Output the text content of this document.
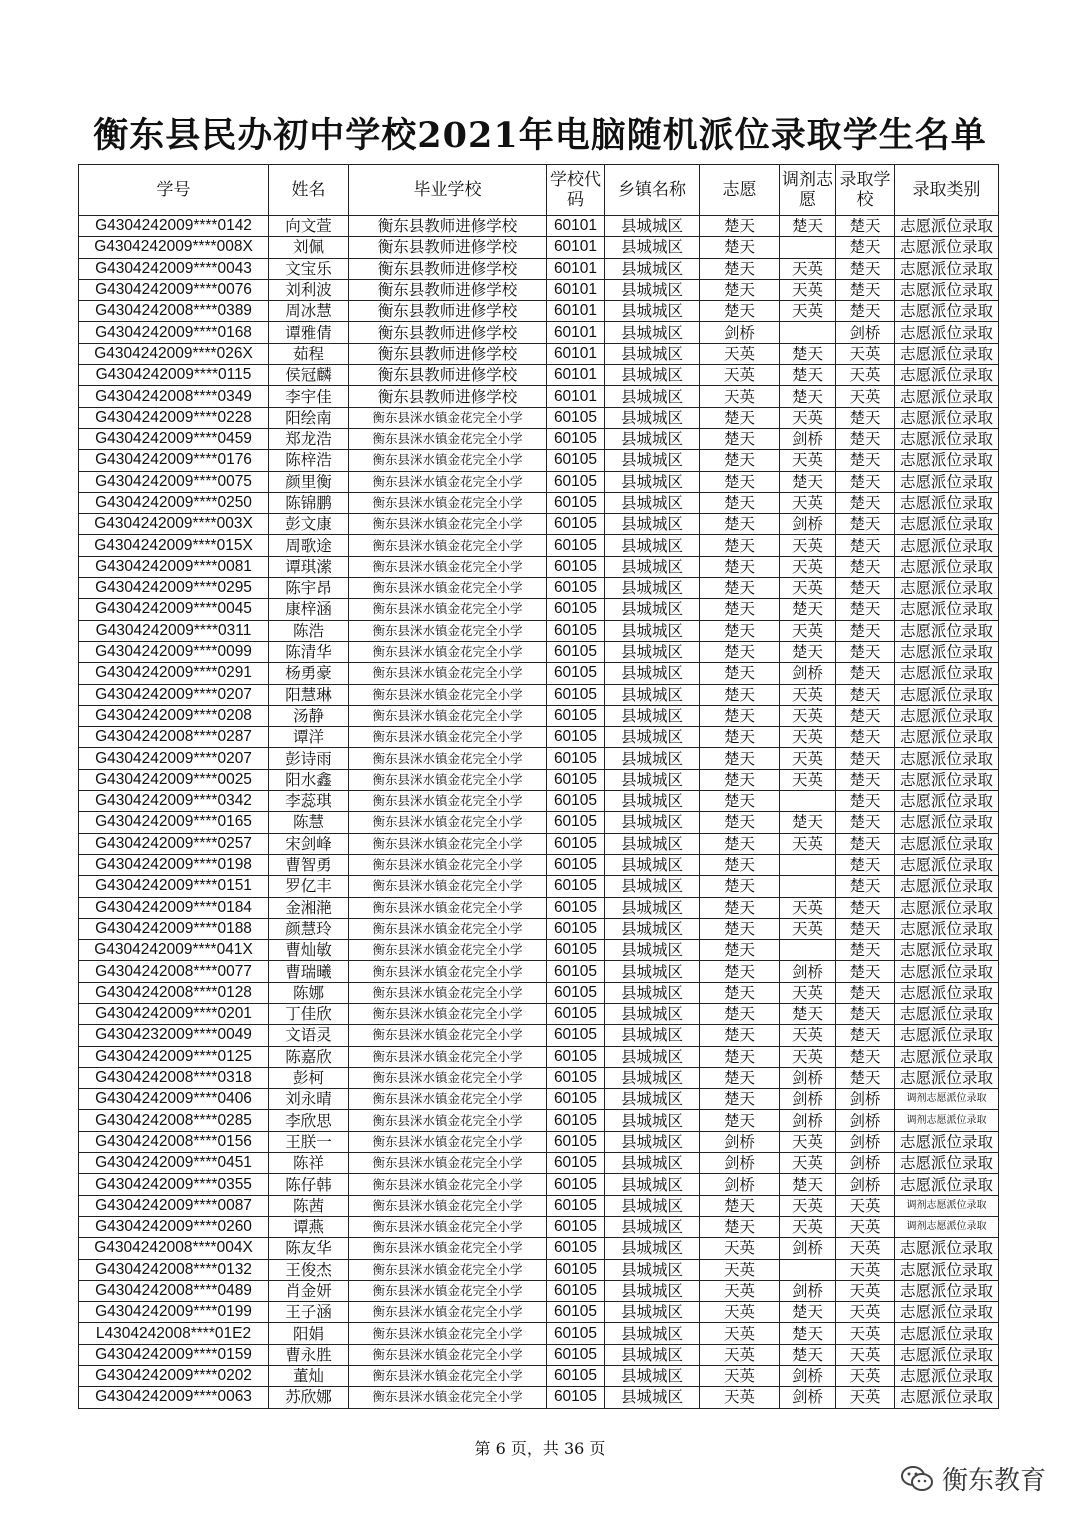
衡东县民办初中学校2021年电脑随机派位录取学生名单
学号	姓名	毕业学校	学校代码	乡镇名称	志愿	调剂志愿	录取学校	录取类别
G4304242009****0142	向文萱	衡东县教师进修学校	60101	县城城区	楚天	楚天	楚天	志愿派位录取
G4304242009****008X	刘佩	衡东县教师进修学校	60101	县城城区	楚天		楚天	志愿派位录取
G4304242009****0043	文宝乐	衡东县教师进修学校	60101	县城城区	楚天	天英	楚天	志愿派位录取
G4304242009****0076	刘利波	衡东县教师进修学校	60101	县城城区	楚天	天英	楚天	志愿派位录取
G4304242008****0389	周冰慧	衡东县教师进修学校	60101	县城城区	楚天	天英	楚天	志愿派位录取
G4304242009****0168	谭雅倩	衡东县教师进修学校	60101	县城城区	剑桥		剑桥	志愿派位录取
G4304242009****026X	茹程	衡东县教师进修学校	60101	县城城区	天英	楚天	天英	志愿派位录取
G4304242009****0115	侯冠麟	衡东县教师进修学校	60101	县城城区	天英	楚天	天英	志愿派位录取
G4304242008****0349	李宇佳	衡东县教师进修学校	60101	县城城区	天英	楚天	天英	志愿派位录取
G4304242009****0228	阳绘南	衡东县洣水镇金花完全小学	60105	县城城区	楚天	天英	楚天	志愿派位录取
G4304242009****0459	郑龙浩	衡东县洣水镇金花完全小学	60105	县城城区	楚天	剑桥	楚天	志愿派位录取
G4304242009****0176	陈梓浩	衡东县洣水镇金花完全小学	60105	县城城区	楚天	天英	楚天	志愿派位录取
G4304242009****0075	颜里衡	衡东县洣水镇金花完全小学	60105	县城城区	楚天	楚天	楚天	志愿派位录取
G4304242009****0250	陈锦鹏	衡东县洣水镇金花完全小学	60105	县城城区	楚天	天英	楚天	志愿派位录取
G4304242009****003X	彭文康	衡东县洣水镇金花完全小学	60105	县城城区	楚天	剑桥	楚天	志愿派位录取
G4304242009****015X	周歌途	衡东县洣水镇金花完全小学	60105	县城城区	楚天	天英	楚天	志愿派位录取
G4304242009****0081	谭琪潆	衡东县洣水镇金花完全小学	60105	县城城区	楚天	天英	楚天	志愿派位录取
G4304242009****0295	陈宇昂	衡东县洣水镇金花完全小学	60105	县城城区	楚天	天英	楚天	志愿派位录取
G4304242009****0045	康梓涵	衡东县洣水镇金花完全小学	60105	县城城区	楚天	楚天	楚天	志愿派位录取
G4304242009****0311	陈浩	衡东县洣水镇金花完全小学	60105	县城城区	楚天	天英	楚天	志愿派位录取
G4304242009****0099	陈清华	衡东县洣水镇金花完全小学	60105	县城城区	楚天	楚天	楚天	志愿派位录取
G4304242009****0291	杨勇豪	衡东县洣水镇金花完全小学	60105	县城城区	楚天	剑桥	楚天	志愿派位录取
G4304242009****0207	阳慧琳	衡东县洣水镇金花完全小学	60105	县城城区	楚天	天英	楚天	志愿派位录取
G4304242009****0208	汤静	衡东县洣水镇金花完全小学	60105	县城城区	楚天	天英	楚天	志愿派位录取
G4304242008****0287	谭洋	衡东县洣水镇金花完全小学	60105	县城城区	楚天	天英	楚天	志愿派位录取
G4304242009****0207	彭诗雨	衡东县洣水镇金花完全小学	60105	县城城区	楚天	天英	楚天	志愿派位录取
G4304242009****0025	阳水鑫	衡东县洣水镇金花完全小学	60105	县城城区	楚天	天英	楚天	志愿派位录取
G4304242009****0342	李蕊琪	衡东县洣水镇金花完全小学	60105	县城城区	楚天		楚天	志愿派位录取
G4304242009****0165	陈慧	衡东县洣水镇金花完全小学	60105	县城城区	楚天	楚天	楚天	志愿派位录取
G4304242009****0257	宋剑峰	衡东县洣水镇金花完全小学	60105	县城城区	楚天	天英	楚天	志愿派位录取
G4304242009****0198	曹智勇	衡东县洣水镇金花完全小学	60105	县城城区	楚天		楚天	志愿派位录取
G4304242009****0151	罗亿丰	衡东县洣水镇金花完全小学	60105	县城城区	楚天		楚天	志愿派位录取
G4304242009****0184	金湘滟	衡东县洣水镇金花完全小学	60105	县城城区	楚天	天英	楚天	志愿派位录取
G4304242009****0188	颜慧玲	衡东县洣水镇金花完全小学	60105	县城城区	楚天	天英	楚天	志愿派位录取
G4304242009****041X	曹灿敏	衡东县洣水镇金花完全小学	60105	县城城区	楚天		楚天	志愿派位录取
G4304242008****0077	曹瑞曦	衡东县洣水镇金花完全小学	60105	县城城区	楚天	剑桥	楚天	志愿派位录取
G4304242008****0128	陈娜	衡东县洣水镇金花完全小学	60105	县城城区	楚天	天英	楚天	志愿派位录取
G4304242009****0201	丁佳欣	衡东县洣水镇金花完全小学	60105	县城城区	楚天	楚天	楚天	志愿派位录取
G4304232009****0049	文语灵	衡东县洣水镇金花完全小学	60105	县城城区	楚天	天英	楚天	志愿派位录取
G4304242009****0125	陈嘉欣	衡东县洣水镇金花完全小学	60105	县城城区	楚天	天英	楚天	志愿派位录取
G4304242008****0318	彭柯	衡东县洣水镇金花完全小学	60105	县城城区	楚天	剑桥	楚天	志愿派位录取
G4304242009****0406	刘永晴	衡东县洣水镇金花完全小学	60105	县城城区	楚天	剑桥	剑桥	调剂志愿派位录取
G4304242008****0285	李欣思	衡东县洣水镇金花完全小学	60105	县城城区	楚天	剑桥	剑桥	调剂志愿派位录取
G4304242008****0156	王朕一	衡东县洣水镇金花完全小学	60105	县城城区	剑桥	天英	剑桥	志愿派位录取
G4304242009****0451	陈祥	衡东县洣水镇金花完全小学	60105	县城城区	剑桥	天英	剑桥	志愿派位录取
G4304242009****0355	陈仔韩	衡东县洣水镇金花完全小学	60105	县城城区	剑桥	楚天	剑桥	志愿派位录取
G4304242009****0087	陈茜	衡东县洣水镇金花完全小学	60105	县城城区	楚天	天英	天英	调剂志愿派位录取
G4304242009****0260	谭燕	衡东县洣水镇金花完全小学	60105	县城城区	楚天	天英	天英	调剂志愿派位录取
G4304242008****004X	陈友华	衡东县洣水镇金花完全小学	60105	县城城区	天英	剑桥	天英	志愿派位录取
G4304242008****0132	王俊杰	衡东县洣水镇金花完全小学	60105	县城城区	天英		天英	志愿派位录取
G4304242008****0489	肖金妍	衡东县洣水镇金花完全小学	60105	县城城区	天英	剑桥	天英	志愿派位录取
G4304242009****0199	王子涵	衡东县洣水镇金花完全小学	60105	县城城区	天英	楚天	天英	志愿派位录取
L4304242008****01E2	阳娟	衡东县洣水镇金花完全小学	60105	县城城区	天英	楚天	天英	志愿派位录取
G4304242009****0159	曹永胜	衡东县洣水镇金花完全小学	60105	县城城区	天英	楚天	天英	志愿派位录取
G4304242009****0202	董灿	衡东县洣水镇金花完全小学	60105	县城城区	天英	剑桥	天英	志愿派位录取
G4304242009****0063	苏欣娜	衡东县洣水镇金花完全小学	60105	县城城区	天英	剑桥	天英	志愿派位录取
第 6 页，共 36 页
衡东教育
